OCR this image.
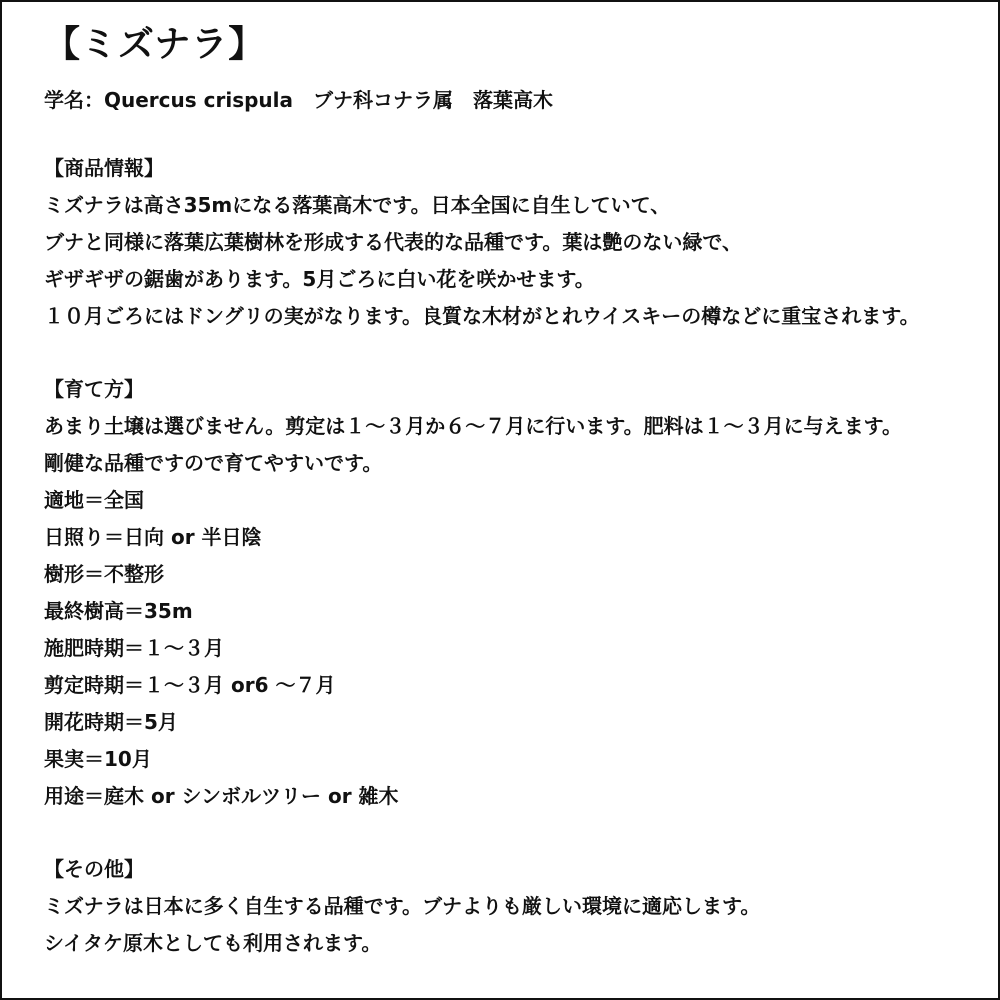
【ミズナラ】
学名：Quercus crispula　ブナ科コナラ属　落葉高木
【商品情報】
ミズナラは高さ35mになる落葉高木です。日本全国に自生していて、
ブナと同様に落葉広葉樹林を形成する代表的な品種です。葉は艶のない緑で、
ギザギザの鋸歯があります。5月ごろに白い花を咲かせます。
１０月ごろにはドングリの実がなります。良質な木材がとれウイスキーの樽などに重宝されます。
【育て方】
あまり土壌は選びません。剪定は１～３月か６～７月に行います。肥料は１～３月に与えます。
剛健な品種ですので育てやすいです。
適地＝全国
日照り＝日向 or 半日陰
樹形＝不整形
最終樹高＝35m
施肥時期＝１～３月
剪定時期＝１～３月 or6 ～７月
開花時期＝5月
果実＝10月
用途＝庭木 or シンボルツリー or 雑木
【その他】
ミズナラは日本に多く自生する品種です。ブナよりも厳しい環境に適応します。
シイタケ原木としても利用されます。
